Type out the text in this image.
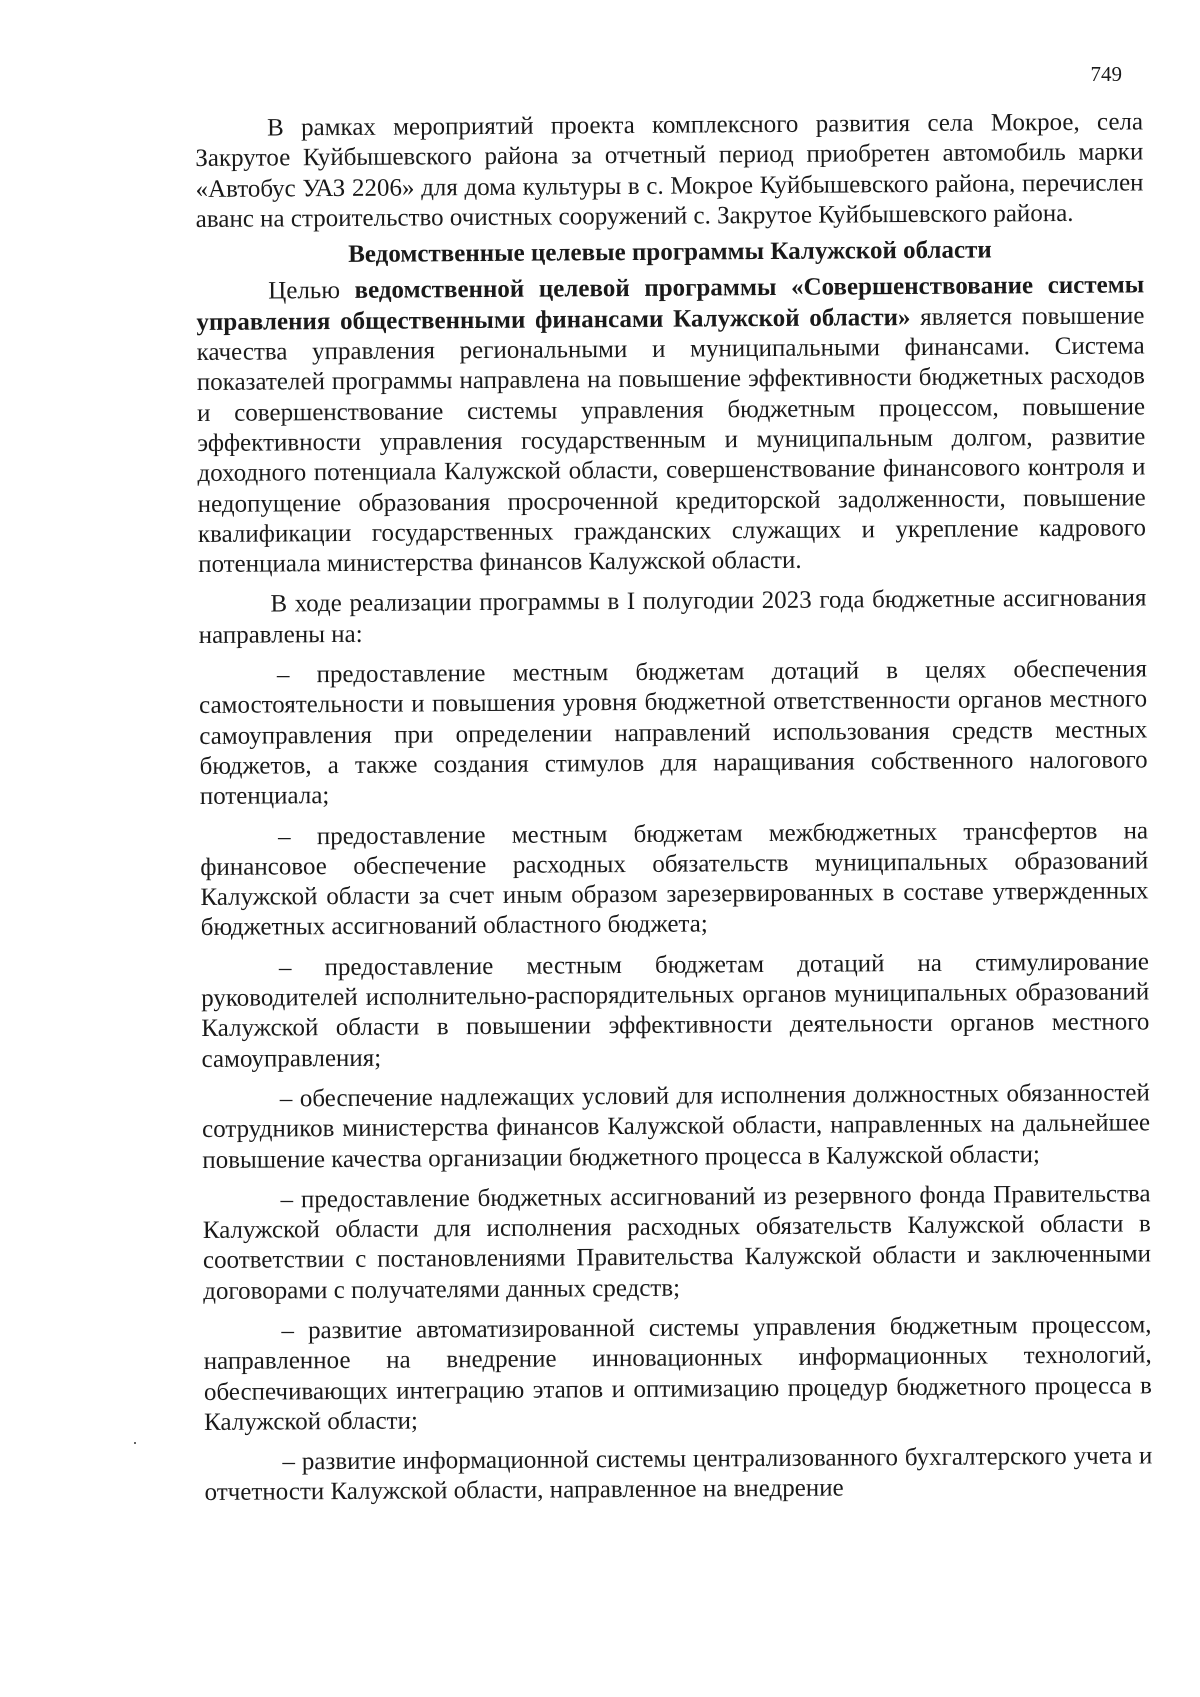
749

В рамках мероприятий проекта комплексного развития села Мокрое, села Закрутое Куйбышевского района за отчетный период приобретен автомобиль марки «Автобус УАЗ 2206» для дома культуры в с. Мокрое Куйбышевского района, перечислен аванс на строительство очистных сооружений с. Закрутое Куйбышевского района.

Ведомственные целевые программы Калужской области

Целью ведомственной целевой программы «Совершенствование системы управления общественными финансами Калужской области» является повышение качества управления региональными и муниципальными финансами. Система показателей программы направлена на повышение эффективности бюджетных расходов и совершенствование системы управления бюджетным процессом, повышение эффективности управления государственным и муниципальным долгом, развитие доходного потенциала Калужской области, совершенствование финансового контроля и недопущение образования просроченной кредиторской задолженности, повышение квалификации государственных гражданских служащих и укрепление кадрового потенциала министерства финансов Калужской области.

В ходе реализации программы в I полугодии 2023 года бюджетные ассигнования направлены на:

– предоставление местным бюджетам дотаций в целях обеспечения самостоятельности и повышения уровня бюджетной ответственности органов местного самоуправления при определении направлений использования средств местных бюджетов, а также создания стимулов для наращивания собственного налогового потенциала;

– предоставление местным бюджетам межбюджетных трансфертов на финансовое обеспечение расходных обязательств муниципальных образований Калужской области за счет иным образом зарезервированных в составе утвержденных бюджетных ассигнований областного бюджета;

– предоставление местным бюджетам дотаций на стимулирование руководителей исполнительно-распорядительных органов муниципальных образований Калужской области в повышении эффективности деятельности органов местного самоуправления;

– обеспечение надлежащих условий для исполнения должностных обязанностей сотрудников министерства финансов Калужской области, направленных на дальнейшее повышение качества организации бюджетного процесса в Калужской области;

– предоставление бюджетных ассигнований из резервного фонда Правительства Калужской области для исполнения расходных обязательств Калужской области в соответствии с постановлениями Правительства Калужской области и заключенными договорами с получателями данных средств;

– развитие автоматизированной системы управления бюджетным процессом, направленное на внедрение инновационных информационных технологий, обеспечивающих интеграцию этапов и оптимизацию процедур бюджетного процесса в Калужской области;

– развитие информационной системы централизованного бухгалтерского учета и отчетности Калужской области, направленное на внедрение
